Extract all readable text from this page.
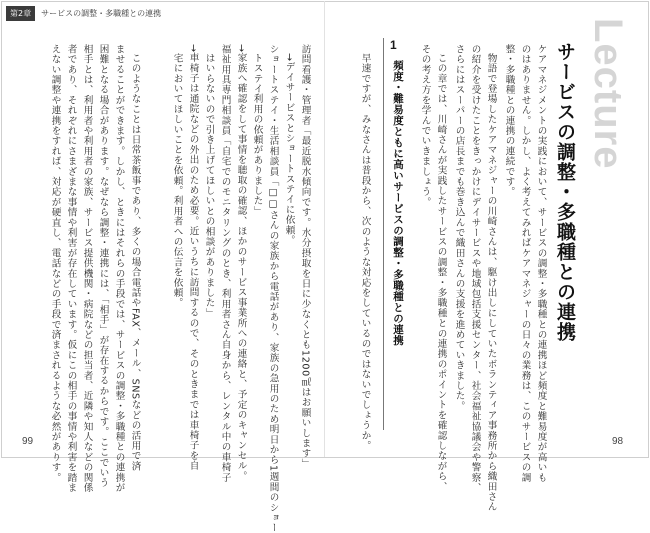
第2章	サービスの調整・多職種との連携
Lecture
サービスの調整・多職種との連携
ケアマネジメントの実践において、サービスの調整・多職種との連携ほど頻度と難易度が高いも
のはありません。しかし、よく考えてみればケアマネジャーの日々の業務は、このサービスの調
整・多職種との連携の連続です。
物語で登場したケアマネジャーの川崎さんは、駆け出しにしていたボランティア事務所から織田さん
の紹介を受けたことをきっかけにデイサービスや地域包括支援センター、社会福祉協議会や警察、
さらにはスーパーの店長までも巻き込んで織田さんの支援を進めていきました。
この章では、川崎さんが実践したサービスの調整・多職種との連携のポイントを確認しながら、
その考え方を学んでいきましょう。
1
頻度・難易度ともに高いサービスの調整・多職種との連携
早速ですが、みなさんは普段から、次のような対応をしているのではないでしょうか。
訪問看護・管理者「最近脱水傾向です。水分摂取を日に少なくとも1200㎖はお願いします」
→デイサービスとショートステイに依頼。
ショートステイ・生活相談員「□□さんの家族から電話があり、家族の急用のため明日から1週間のショー
トステイ利用の依頼がありました」
→家族へ確認をして事情を聴取の確認、ほかのサービス事業所への連絡と、予定のキャンセル。
福祉用具専門相談員「自宅でのモニタリングのとき、利用者さん自身から、レンタル中の車椅子
はいらないので引き上げてほしいとの相談がありました」
→車椅子は通院などの外出のため必要。近いうちに訪問するので、そのときまでは車椅子を自
宅においてほしいことを依頼。利用者への伝言を依頼。
このようなことは日常茶飯事であり、多くの場合電話やFAX、メール、SNSなどの活用で済
ませることができます。しかし、ときにはそれらの手段では、サービスの調整・多職種との連携が
困難となる場合があります。なぜなら調整・連携には、「相手」が存在するからです。ここでいう
相手とは、利用者や利用者の家族、サービス提供機関・病院などの担当者、近隣や知人などの関係
者であり、それぞれにさまざまな事情や利害が存在しています。仮にこの相手の事情や利害を踏ま
えない調整や連携をすれば、対応が硬直し、電話などの手段で済まされるような必然がありす。
99	98
